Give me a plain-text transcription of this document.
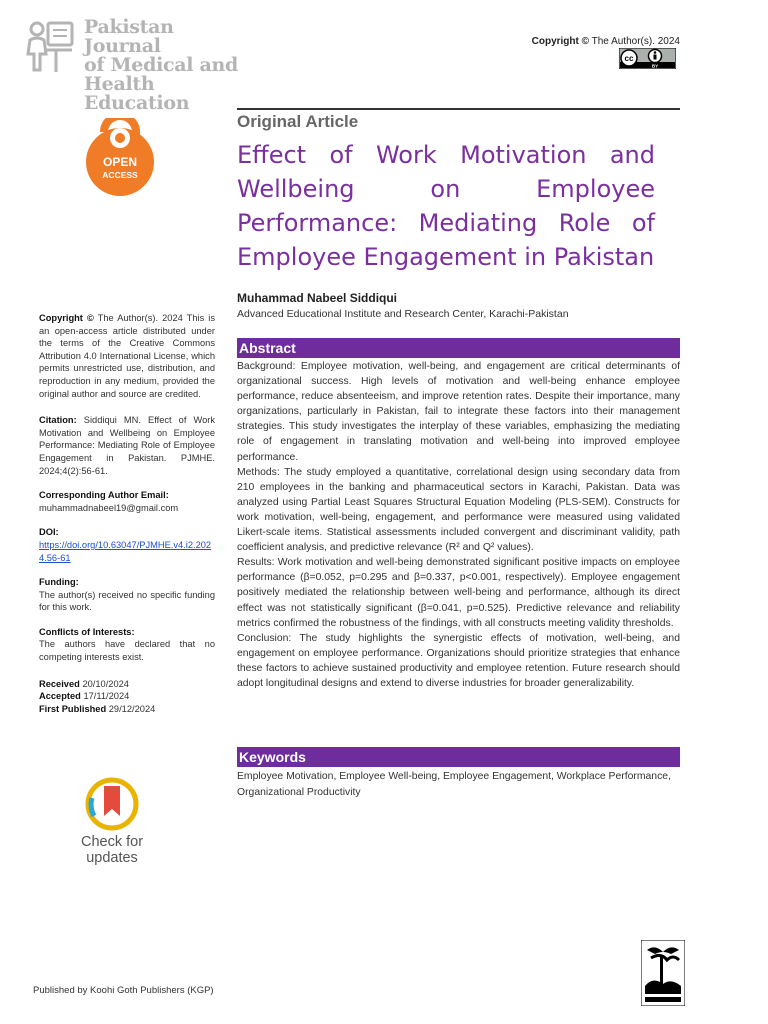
Pakistan Journal
of Medical and
Health Education
Copyright © The Author(s). 2024
cc
BY
OPEN
ACCESS
Original Article
Effect of Work Motivation and Wellbeing on Employee Performance: Mediating Role of Employee Engagement in Pakistan
Muhammad Nabeel Siddiqui
Advanced Educational Institute and Research Center, Karachi-Pakistan
Copyright © The Author(s). 2024 This is an open-access article distributed under the terms of the Creative Commons Attribution 4.0 International License, which permits unrestricted use, distribution, and reproduction in any medium, provided the original author and source are credited.
Citation: Siddiqui MN. Effect of Work Motivation and Wellbeing on Employee Performance: Mediating Role of Employee Engagement in Pakistan. PJMHE. 2024;4(2):56-61.
Corresponding Author Email:
muhammadnabeel19@gmail.com
DOI:
https://doi.org/10.63047/PJMHE.v4.i2.2024.56-61
Funding:
The author(s) received no specific funding for this work.
Conflicts of Interests:
The authors have declared that no competing interests exist.
Received 20/10/2024
Accepted 17/11/2024
First Published 29/12/2024
Check for
updates
Abstract

Background: Employee motivation, well-being, and engagement are critical determinants of organizational success. High levels of motivation and well-being enhance employee performance, reduce absenteeism, and improve retention rates. Despite their importance, many organizations, particularly in Pakistan, fail to integrate these factors into their management strategies. This study investigates the interplay of these variables, emphasizing the mediating role of engagement in translating motivation and well-being into improved employee performance.

Methods: The study employed a quantitative, correlational design using secondary data from 210 employees in the banking and pharmaceutical sectors in Karachi, Pakistan. Data was analyzed using Partial Least Squares Structural Equation Modeling (PLS-SEM). Constructs for work motivation, well-being, engagement, and performance were measured using validated Likert-scale items. Statistical assessments included convergent and discriminant validity, path coefficient analysis, and predictive relevance (R² and Q² values).

Results: Work motivation and well-being demonstrated significant positive impacts on employee performance (β=0.052, p=0.295 and β=0.337, p<0.001, respectively). Employee engagement positively mediated the relationship between well-being and performance, although its direct effect was not statistically significant (β=0.041, p=0.525). Predictive relevance and reliability metrics confirmed the robustness of the findings, with all constructs meeting validity thresholds.

Conclusion: The study highlights the synergistic effects of motivation, well-being, and engagement on employee performance. Organizations should prioritize strategies that enhance these factors to achieve sustained productivity and employee retention. Future research should adopt longitudinal designs and extend to diverse industries for broader generalizability.

Keywords
Employee Motivation, Employee Well-being, Employee Engagement, Workplace Performance, Organizational Productivity
Published by Koohi Goth Publishers (KGP)
